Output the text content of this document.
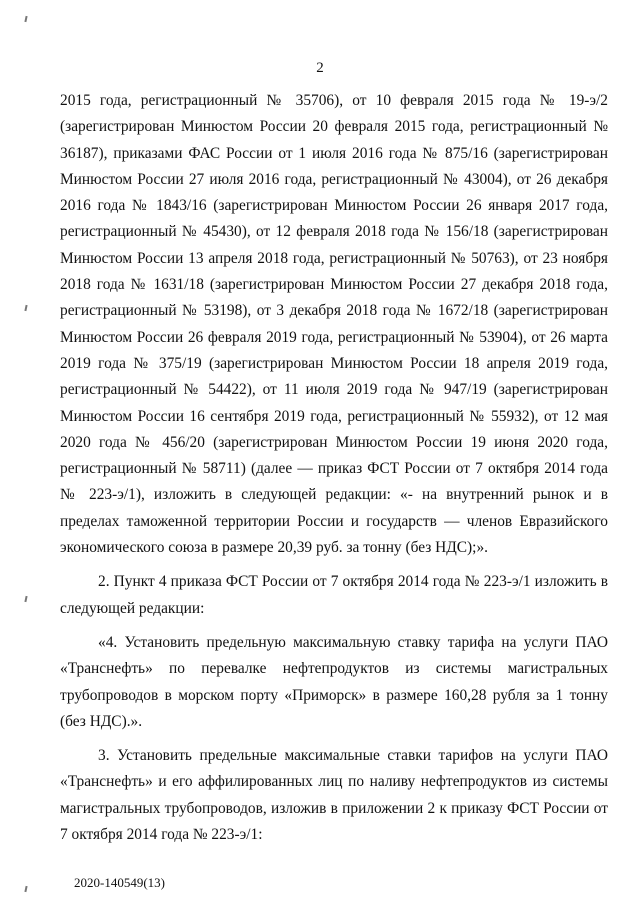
2

2015 года, регистрационный № 35706), от 10 февраля 2015 года № 19-э/2 (зарегистрирован Минюстом России 20 февраля 2015 года, регистрационный № 36187), приказами ФАС России от 1 июля 2016 года № 875/16 (зарегистрирован Минюстом России 27 июля 2016 года, регистрационный № 43004), от 26 декабря 2016 года № 1843/16 (зарегистрирован Минюстом России 26 января 2017 года, регистрационный № 45430), от 12 февраля 2018 года № 156/18 (зарегистрирован Минюстом России 13 апреля 2018 года, регистрационный № 50763), от 23 ноября 2018 года № 1631/18 (зарегистрирован Минюстом России 27 декабря 2018 года, регистрационный № 53198), от 3 декабря 2018 года № 1672/18 (зарегистрирован Минюстом России 26 февраля 2019 года, регистрационный № 53904), от 26 марта 2019 года № 375/19 (зарегистрирован Минюстом России 18 апреля 2019 года, регистрационный № 54422), от 11 июля 2019 года № 947/19 (зарегистрирован Минюстом России 16 сентября 2019 года, регистрационный № 55932), от 12 мая 2020 года № 456/20 (зарегистрирован Минюстом России 19 июня 2020 года, регистрационный № 58711) (далее — приказ ФСТ России от 7 октября 2014 года № 223-э/1), изложить в следующей редакции: «- на внутренний рынок и в пределах таможенной территории России и государств — членов Евразийского экономического союза в размере 20,39 руб. за тонну (без НДС);».

2. Пункт 4 приказа ФСТ России от 7 октября 2014 года № 223-э/1 изложить в следующей редакции:

«4. Установить предельную максимальную ставку тарифа на услуги ПАО «Транснефть» по перевалке нефтепродуктов из системы магистральных трубопроводов в морском порту «Приморск» в размере 160,28 рубля за 1 тонну (без НДС).».

3. Установить предельные максимальные ставки тарифов на услуги ПАО «Транснефть» и его аффилированных лиц по наливу нефтепродуктов из системы магистральных трубопроводов, изложив в приложении 2 к приказу ФСТ России от 7 октября 2014 года № 223-э/1:

2020-140549(13)
